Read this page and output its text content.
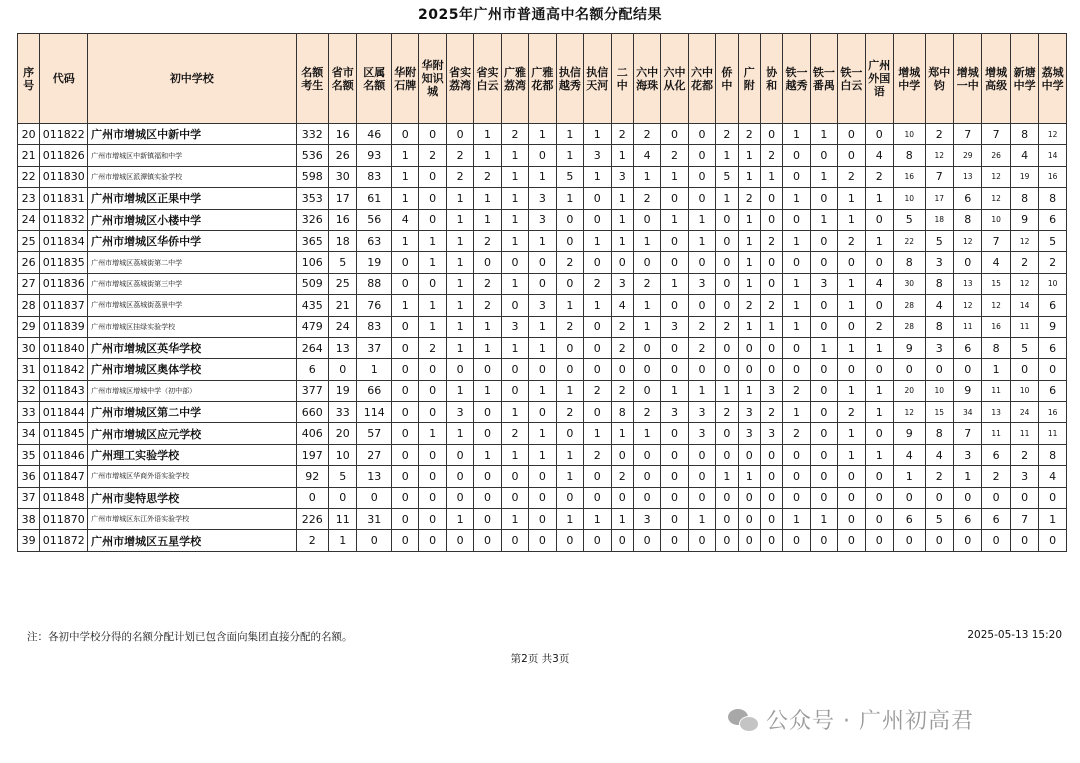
2025年广州市普通高中名额分配结果
序号	代码	初中学校	名额考生	省市名额	区属名额	华附石牌	华附知识城	省实荔湾	省实白云	广雅荔湾	广雅花都	执信越秀	执信天河	二中	六中海珠	六中从化	六中花都	侨中	广附	协和	铁一越秀	铁一番禺	铁一白云	广州外国语	增城中学	郑中钧	增城一中	增城高级	新塘中学	荔城中学
20	011822	广州市增城区中新中学	332	16	46	0	0	0	1	2	1	1	1	2	2	0	0	2	2	0	1	1	0	0	10	2	7	7	8	12
21	011826	广州市增城区中新镇福和中学	536	26	93	1	2	2	1	1	0	1	3	1	4	2	0	1	1	2	0	0	0	4	8	12	29	26	4	14
22	011830	广州市增城区派潭镇实验学校	598	30	83	1	0	2	2	1	1	5	1	3	1	1	0	5	1	1	0	1	2	2	16	7	13	12	19	16
23	011831	广州市增城区正果中学	353	17	61	1	0	1	1	1	3	1	0	1	2	0	0	1	2	0	1	0	1	1	10	17	6	12	8	8
24	011832	广州市增城区小楼中学	326	16	56	4	0	1	1	1	3	0	0	1	0	1	1	0	1	0	0	1	1	0	5	18	8	10	9	6
25	011834	广州市增城区华侨中学	365	18	63	1	1	1	2	1	1	0	1	1	1	0	1	0	1	2	1	0	2	1	22	5	12	7	12	5
26	011835	广州市增城区荔城街第二中学	106	5	19	0	1	1	0	0	0	2	0	0	0	0	0	0	1	0	0	0	0	0	8	3	0	4	2	2
27	011836	广州市增城区荔城街第三中学	509	25	88	0	0	1	2	1	0	0	2	3	2	1	3	0	1	0	1	3	1	4	30	8	13	15	12	10
28	011837	广州市增城区荔城街荔景中学	435	21	76	1	1	1	2	0	3	1	1	4	1	0	0	0	2	2	1	0	1	0	28	4	12	12	14	6
29	011839	广州市增城区挂绿实验学校	479	24	83	0	1	1	1	3	1	2	0	2	1	3	2	2	1	1	1	0	0	2	28	8	11	16	11	9
30	011840	广州市增城区英华学校	264	13	37	0	2	1	1	1	1	0	0	2	0	0	2	0	0	0	0	1	1	1	9	3	6	8	5	6
31	011842	广州市增城区奥体学校	6	0	1	0	0	0	0	0	0	0	0	0	0	0	0	0	0	0	0	0	0	0	0	0	0	1	0	0
32	011843	广州市增城区增城中学（初中部）	377	19	66	0	0	1	1	0	1	1	2	2	0	1	1	1	1	3	2	0	1	1	20	10	9	11	10	6
33	011844	广州市增城区第二中学	660	33	114	0	0	3	0	1	0	2	0	8	2	3	3	2	3	2	1	0	2	1	12	15	34	13	24	16
34	011845	广州市增城区应元学校	406	20	57	0	1	1	0	2	1	0	1	1	1	0	3	0	3	3	2	0	1	0	9	8	7	11	11	11
35	011846	广州理工实验学校	197	10	27	0	0	0	1	1	1	1	2	0	0	0	0	0	0	0	0	0	1	1	4	4	3	6	2	8
36	011847	广州市增城区华商外语实验学校	92	5	13	0	0	0	0	0	0	1	0	2	0	0	0	1	1	0	0	0	0	0	1	2	1	2	3	4
37	011848	广州市斐特思学校	0	0	0	0	0	0	0	0	0	0	0	0	0	0	0	0	0	0	0	0	0	0	0	0	0	0	0	0
38	011870	广州市增城区东江外语实验学校	226	11	31	0	0	1	0	1	0	1	1	1	3	0	1	0	0	0	1	1	0	0	6	5	6	6	7	1
39	011872	广州市增城区五星学校	2	1	0	0	0	0	0	0	0	0	0	0	0	0	0	0	0	0	0	0	0	0	0	0	0	0	0	0
注：各初中学校分得的名额分配计划已包含面向集团直接分配的名额。	2025-05-13 15:20
第2页 共3页
公众号 · 广州初高君
